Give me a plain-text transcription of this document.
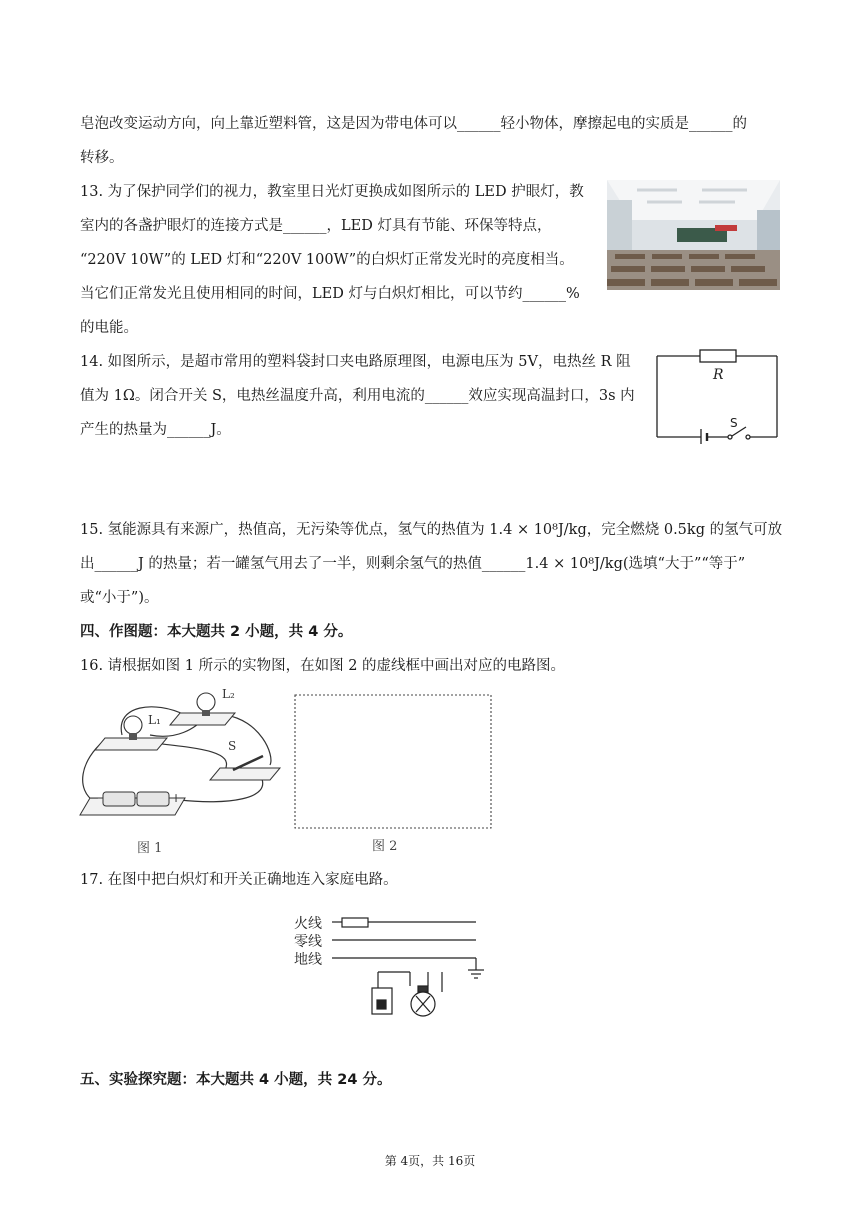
皂泡改变运动方向，向上靠近塑料管，这是因为带电体可以______轻小物体，摩擦起电的实质是______的
转移。
13. 为了保护同学们的视力，教室里日光灯更换成如图所示的 LED 护眼灯，教
室内的各盏护眼灯的连接方式是______，LED 灯具有节能、环保等特点，
“220V 10W”的 LED 灯和“220V 100W”的白炽灯正常发光时的亮度相当。
当它们正常发光且使用相同的时间，LED 灯与白炽灯相比，可以节约______%
的电能。
14. 如图所示，是超市常用的塑料袋封口夹电路原理图，电源电压为 5V，电热丝 R 阻
值为 1Ω。闭合开关 S，电热丝温度升高，利用电流的______效应实现高温封口，3s 内
产生的热量为______J。
R
S
15. 氢能源具有来源广，热值高，无污染等优点，氢气的热值为 1.4 × 10⁸J/kg，完全燃烧 0.5kg 的氢气可放
出______J 的热量；若一罐氢气用去了一半，则剩余氢气的热值______1.4 × 10⁸J/kg(选填“大于”“等于”
或“小于”)。
四、作图题：本大题共 2 小题，共 4 分。
16. 请根据如图 1 所示的实物图，在如图 2 的虚线框中画出对应的电路图。
L₂
L₁
S
−	+
图 1	图 2
17. 在图中把白炽灯和开关正确地连入家庭电路。
火线
零线
地线
五、实验探究题：本大题共 4 小题，共 24 分。
第 4页，共 16页
